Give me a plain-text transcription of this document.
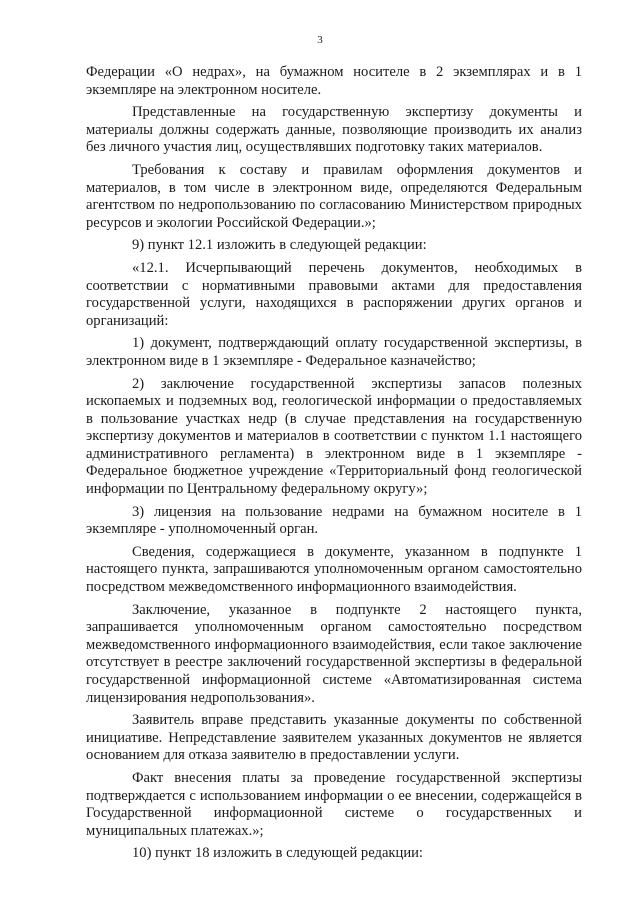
3

Федерации «О недрах», на бумажном носителе в 2 экземплярах и в 1 экземпляре на электронном носителе.

Представленные на государственную экспертизу документы и материалы должны содержать данные, позволяющие производить их анализ без личного участия лиц, осуществлявших подготовку таких материалов.

Требования к составу и правилам оформления документов и материалов, в том числе в электронном виде, определяются Федеральным агентством по недропользованию по согласованию Министерством природных ресурсов и экологии Российской Федерации.»;

9) пункт 12.1 изложить в следующей редакции:

«12.1. Исчерпывающий перечень документов, необходимых в соответствии с нормативными правовыми актами для предоставления государственной услуги, находящихся в распоряжении других органов и организаций:

1) документ, подтверждающий оплату государственной экспертизы, в электронном виде в 1 экземпляре - Федеральное казначейство;

2) заключение государственной экспертизы запасов полезных ископаемых и подземных вод, геологической информации о предоставляемых в пользование участках недр (в случае представления на государственную экспертизу документов и материалов в соответствии с пунктом 1.1 настоящего административного регламента) в электронном виде в 1 экземпляре - Федеральное бюджетное учреждение «Территориальный фонд геологической информации по Центральному федеральному округу»;

3) лицензия на пользование недрами на бумажном носителе в 1 экземпляре - уполномоченный орган.

Сведения, содержащиеся в документе, указанном в подпункте 1 настоящего пункта, запрашиваются уполномоченным органом самостоятельно посредством межведомственного информационного взаимодействия.

Заключение, указанное в подпункте 2 настоящего пункта, запрашивается уполномоченным органом самостоятельно посредством межведомственного информационного взаимодействия, если такое заключение отсутствует в реестре заключений государственной экспертизы в федеральной государственной информационной системе «Автоматизированная система лицензирования недропользования».

Заявитель вправе представить указанные документы по собственной инициативе. Непредставление заявителем указанных документов не является основанием для отказа заявителю в предоставлении услуги.

Факт внесения платы за проведение государственной экспертизы подтверждается с использованием информации о ее внесении, содержащейся в Государственной информационной системе о государственных и муниципальных платежах.»;

10) пункт 18 изложить в следующей редакции:
